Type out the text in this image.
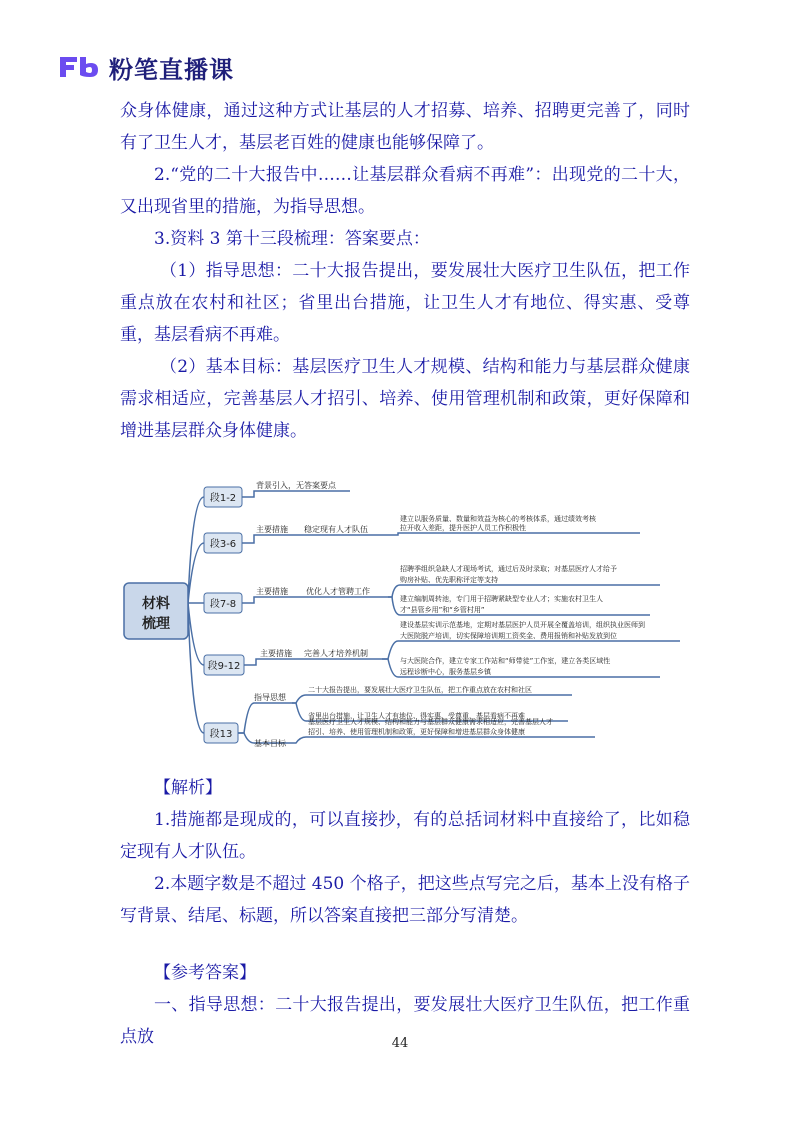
粉笔直播课

众身体健康，通过这种方式让基层的人才招募、培养、招聘更完善了，同时有了卫生人才，基层老百姓的健康也能够保障了。

2.“党的二十大报告中……让基层群众看病不再难”：出现党的二十大，又出现省里的措施，为指导思想。

3.资料 3 第十三段梳理：答案要点：

（1）指导思想：二十大报告提出，要发展壮大医疗卫生队伍，把工作重点放在农村和社区；省里出台措施，让卫生人才有地位、得实惠、受尊重，基层看病不再难。

（2）基本目标：基层医疗卫生人才规模、结构和能力与基层群众健康需求相适应，完善基层人才招引、培养、使用管理机制和政策，更好保障和增进基层群众身体健康。

材料
梳理
段1-2
背景引入，无答案要点
段3-6
主要措施 稳定现有人才队伍
建立以服务质量、数量和效益为核心的考核体系，通过绩效考核
拉开收入差距，提升医护人员工作积极性
段7-8
主要措施 优化人才管聘工作
招聘季组织急缺人才现场考试，通过后及时录取；对基层医疗人才给予
购房补贴、优先职称评定等支持
建立编制周转池，专门用于招聘紧缺型专业人才；实施农村卫生人
才“县管乡用”和“乡管村用”
段9-12
主要措施 完善人才培养机制
建设基层实训示范基地，定期对基层医护人员开展全覆盖培训，组织执业医师到
大医院脱产培训，切实保障培训期工资奖金、费用报销和补贴发放到位
与大医院合作，建立专家工作站和“师带徒”工作室，建立各类区域性
远程诊断中心，服务基层乡镇
段13
指导思想
二十大报告提出，要发展壮大医疗卫生队伍，把工作重点放在农村和社区
省里出台措施，让卫生人才有地位、得实惠、受尊重，基层看病不再难
基本目标
基层医疗卫生人才规模、结构和能力与基层群众健康需求相适应，完善基层人才
招引、培养、使用管理机制和政策，更好保障和增进基层群众身体健康

【解析】

1.措施都是现成的，可以直接抄，有的总括词材料中直接给了，比如稳定现有人才队伍。

2.本题字数是不超过 450 个格子，把这些点写完之后，基本上没有格子写背景、结尾、标题，所以答案直接把三部分写清楚。

【参考答案】

一、指导思想：二十大报告提出，要发展壮大医疗卫生队伍，把工作重点放	44
